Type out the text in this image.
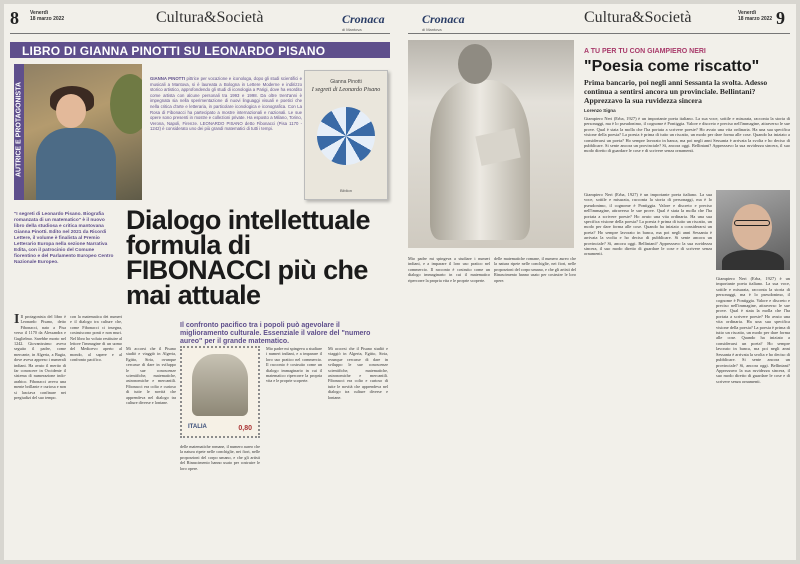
8 Venerdì
18 marzo 2022	Cultura&Società	Cronaca
di Mantova
Cronaca
di Mantova
Cultura&Società	Venerdì
18 marzo 2022 9
LIBRO DI GIANNA PINOTTI SU LEONARDO PISANO
AUTRICE E PROTAGONISTA
GIANNA PINOTTI pittrice per vocazione e iconologa, dopo gli studi scientifici e musicali a Mantova, si è laureata a Bologna in Lettere Moderne e indirizzo storico artistico, approfondendo gli studi di iconologia a Parigi, dove ha esordito come artista con alcune personali tra 1993 e 1998. Da oltre trent'anni è impegnata sia nella sperimentazione di nuovi linguaggi visuali e poetici che nella critica d'arte e letteraria, in particolare iconologica e iconografica. Con La Rosa di Fibonacci ha partecipato a mostre internazionali e nazionali. Le sue opere sono presenti in mostre e collezioni private. Ha esposto a Milano, Torino, Verona, Napoli, Firenze. LEONARDO PISANO detto Fibonacci (Pisa 1170 - 1242) è considerato uno dei più grandi matematici di tutti i tempi.
Gianna Pinotti
I segreti di Leonardo Pisano
Biblion
"I segreti di Leonardo Pisano. Biografia romanzata di un matematico" è il nuovo libro della studiosa e critica mantovana Gianna Pinotti. Edito nel 2021 da Ricordi Lettere, il volume è finalista al Premio Letterario Europa nella sezione Narrativa Edita, con il patrocinio del Comune fiorentino e del Parlamento Europeo Centro Nazionale Europeo.
Dialogo intellettuale formula di FIBONACCI più che mai attuale
Il confronto pacifico tra i popoli può agevolare il miglioramento culturale. Essenziale il valore del "numero aureo" per il grande matematico.
I Il protagonista del libro è Leonardo Pisano, detto Fibonacci, nato a Pisa verso il 1170 da Alessandra e Guglielmo. Sarebbe morto nel 1242. Giovanissimo aveva seguito il padre, come mercante, in Algeria, a Bugia, dove aveva appreso i numerali indiani. Ha avuto il merito di far conoscere in Occidente il sistema di numerazione indo-arabico. Fibonacci aveva una mente brillante e curiosa e non si lasciava confinare nei pregiudizi del suo tempo.
con la matematica dei numeri e il dialogo tra culture che, come Fibonacci ci insegna, costruiscono ponti e non muri. Nel libro ho voluto restituire al lettore l'immagine di un uomo del Medioevo aperto al mondo, al sapere e al confronto pacifico.
Mi accorsi che il Pisano studiò e viaggiò in Algeria, Egitto, Siria, ovunque cercasse di dare in sviluppo le sue conoscenze scientifiche, matematiche, astronomiche e mercantili. Fibonacci era colto e curioso di tutte le novità che apprendeva nel dialogo tra culture diverse e lontane.
ITALIA	0,80
Mio padre mi spingeva a studiare i numeri indiani, e a imparare il loro uso pratico nel commercio. Il racconto è costruito come un dialogo immaginario in cui il matematico ripercorre la propria vita e le proprie scoperte.
delle matematiche romane, il numero aureo che la natura ripete nelle conchiglie, nei fiori, nelle proporzioni del corpo umano, e che gli artisti del Rinascimento hanno usato per costruire le loro opere.
Mi accorsi che il Pisano studiò e viaggiò in Algeria, Egitto, Siria, ovunque cercasse di dare in sviluppo le sue conoscenze scientifiche, matematiche, astronomiche e mercantili. Fibonacci era colto e curioso di tutte le novità che apprendeva nel dialogo tra culture diverse e lontane.
Mio padre mi spingeva a studiare i numeri indiani, e a imparare il loro uso pratico nel commercio. Il racconto è costruito come un dialogo immaginario in cui il matematico ripercorre la propria vita e le proprie scoperte.
delle matematiche romane, il numero aureo che la natura ripete nelle conchiglie, nei fiori, nelle proporzioni del corpo umano, e che gli artisti del Rinascimento hanno usato per costruire le loro opere.
A TU PER TU CON GIAMPIERO NERI
"Poesia come riscatto"
Prima bancario, poi negli anni Sessanta la svolta. Adesso continua a sentirsi ancora un provinciale. Bellintani? Apprezzavo la sua ruvidezza sincera
Lorenzo Signa
Giampiero Neri (Erba, 1927) è un importante poeta italiano. La sua voce, sottile e misurata, racconta la storia di personaggi, ma è lo pseudonimo, il cognome è Pontiggia. Valore e discreto e preciso nell'immagine, attraverso le sue prove. Qual è stata la molla che l'ha portata a scrivere poesie? Ho avuto una vita ordinaria. Ha una sua specifica visione della poesia? La poesia è prima di tutto un riscatto, un modo per dare forma alle cose. Quando ha iniziato a considerarsi un poeta? Ho sempre lavorato in banca, ma poi negli anni Sessanta è arrivata la svolta e ho deciso di pubblicare. Si sente ancora un provinciale? Sì, ancora oggi. Bellintani? Apprezzavo la sua ruvidezza sincera, il suo modo diretto di guardare le cose e di scrivere senza ornamenti.
Giampiero Neri (Erba, 1927) è un importante poeta italiano. La sua voce, sottile e misurata, racconta la storia di personaggi, ma è lo pseudonimo, il cognome è Pontiggia. Valore e discreto e preciso nell'immagine, attraverso le sue prove. Qual è stata la molla che l'ha portata a scrivere poesie? Ho avuto una vita ordinaria. Ha una sua specifica visione della poesia? La poesia è prima di tutto un riscatto, un modo per dare forma alle cose. Quando ha iniziato a considerarsi un poeta? Ho sempre lavorato in banca, ma poi negli anni Sessanta è arrivata la svolta e ho deciso di pubblicare. Si sente ancora un provinciale? Sì, ancora oggi. Bellintani? Apprezzavo la sua ruvidezza sincera, il suo modo diretto di guardare le cose e di scrivere senza ornamenti.
Giampiero Neri (Erba, 1927) è un importante poeta italiano. La sua voce, sottile e misurata, racconta la storia di personaggi, ma è lo pseudonimo, il cognome è Pontiggia. Valore e discreto e preciso nell'immagine, attraverso le sue prove. Qual è stata la molla che l'ha portata a scrivere poesie? Ho avuto una vita ordinaria. Ha una sua specifica visione della poesia? La poesia è prima di tutto un riscatto, un modo per dare forma alle cose. Quando ha iniziato a considerarsi un poeta? Ho sempre lavorato in banca, ma poi negli anni Sessanta è arrivata la svolta e ho deciso di pubblicare. Si sente ancora un provinciale? Sì, ancora oggi. Bellintani? Apprezzavo la sua ruvidezza sincera, il suo modo diretto di guardare le cose e di scrivere senza ornamenti.
